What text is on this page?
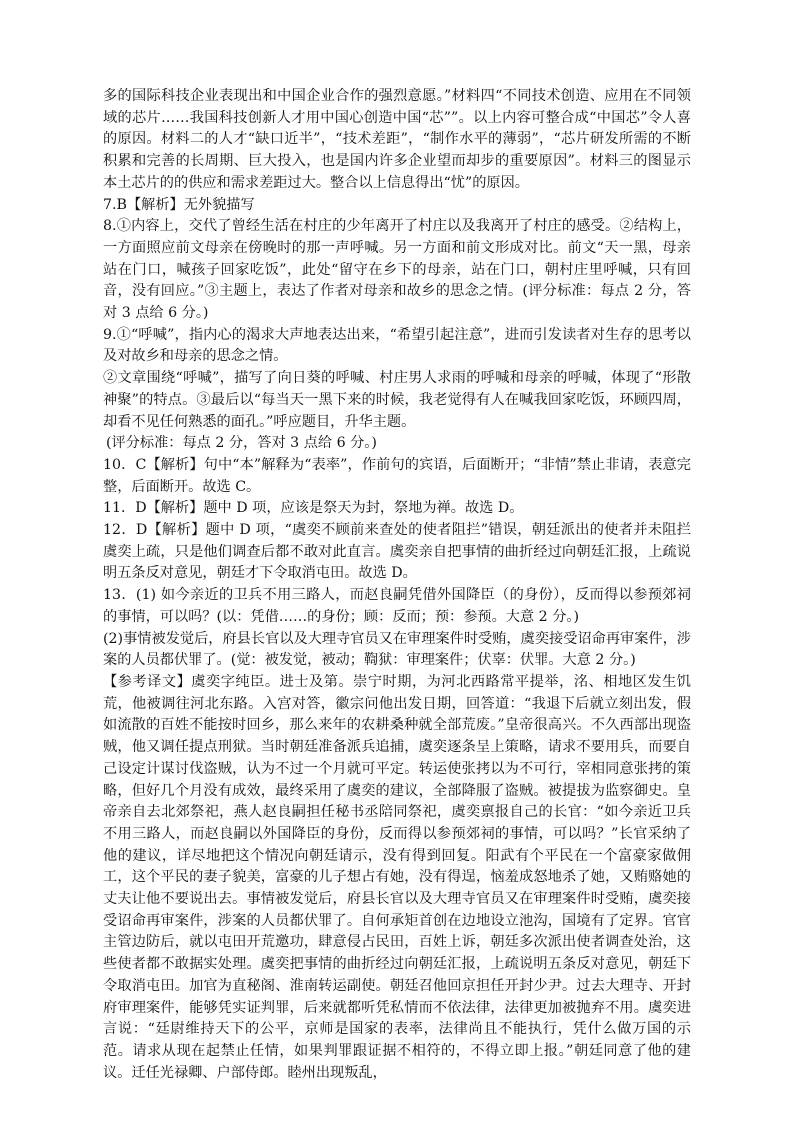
多的国际科技企业表现出和中国企业合作的强烈意愿。”材料四“不同技术创造、应用在不同领域的芯片……我国科技创新人才用中国心创造中国“芯””。以上内容可整合成“中国芯”令人喜的原因。材料二的人才“缺口近半”，“技术差距”，“制作水平的薄弱”，“芯片研发所需的不断积累和完善的长周期、巨大投入，也是国内许多企业望而却步的重要原因”。材料三的图显示本土芯片的的供应和需求差距过大。整合以上信息得出“忧”的原因。

7.B【解析】无外貌描写

8.①内容上，交代了曾经生活在村庄的少年离开了村庄以及我离开了村庄的感受。②结构上，一方面照应前文母亲在傍晚时的那一声呼喊。另一方面和前文形成对比。前文“天一黑，母亲站在门口，喊孩子回家吃饭”，此处“留守在乡下的母亲，站在门口，朝村庄里呼喊，只有回音，没有回应。”③主题上，表达了作者对母亲和故乡的思念之情。(评分标准：每点 2 分，答对 3 点给 6 分。)

9.①“呼喊”，指内心的渴求大声地表达出来，“希望引起注意”，进而引发读者对生存的思考以及对故乡和母亲的思念之情。

②文章围绕“呼喊”，描写了向日葵的呼喊、村庄男人求雨的呼喊和母亲的呼喊，体现了“形散神聚”的特点。③最后以“每当天一黑下来的时候，我老觉得有人在喊我回家吃饭，环顾四周，却看不见任何熟悉的面孔。”呼应题目，升华主题。

(评分标准：每点 2 分，答对 3 点给 6 分。)

10．C【解析】句中“本”解释为“表率”，作前句的宾语，后面断开；“非情”禁止非请，表意完整，后面断开。故选 C。

11．D【解析】题中 D 项，应该是祭天为封，祭地为禅。故选 D。

12．D【解析】题中 D 项，“虞奕不顾前来查处的使者阻拦”错误，朝廷派出的使者并未阻拦虞奕上疏，只是他们调查后都不敢对此直言。虞奕亲自把事情的曲折经过向朝廷汇报，上疏说明五条反对意见，朝廷才下令取消屯田。故选 D。

13．(1) 如今亲近的卫兵不用三路人，而赵良嗣凭借外国降臣（的身份），反而得以参预郊祠的事情，可以吗？(以：凭借……的身份；顾：反而；预：参预。大意 2 分。)

(2)事情被发觉后，府县长官以及大理寺官员又在审理案件时受贿，虞奕接受诏命再审案件，涉案的人员都伏罪了。(觉：被发觉，被动；鞫狱：审理案件；伏辜：伏罪。大意 2 分。)

【参考译文】虞奕字纯臣。进士及第。崇宁时期，为河北西路常平提举，洺、相地区发生饥荒，他被调往河北东路。入宫对答，徽宗问他出发日期，回答道：“我退下后就立刻出发，假如流散的百姓不能按时回乡，那么来年的农耕桑种就全部荒废。”皇帝很高兴。不久西部出现盗贼，他又调任提点刑狱。当时朝廷准备派兵追捕，虞奕逐条呈上策略，请求不要用兵，而要自己设定计谋讨伐盗贼，认为不过一个月就可平定。转运使张拷以为不可行，宰相同意张拷的策略，但好几个月没有成效，最终采用了虞奕的建议，全部降服了盗贼。被提拔为监察御史。皇帝亲自去北郊祭祀，燕人赵良嗣担任秘书丞陪同祭祀，虞奕禀报自己的长官：“如今亲近卫兵不用三路人，而赵良嗣以外国降臣的身份，反而得以参预郊祠的事情，可以吗？”长官采纳了他的建议，详尽地把这个情况向朝廷请示，没有得到回复。阳武有个平民在一个富豪家做佣工，这个平民的妻子貌美，富豪的儿子想占有她，没有得逞，恼羞成怒地杀了她，又贿赂她的丈夫让他不要说出去。事情被发觉后，府县长官以及大理寺官员又在审理案件时受贿，虞奕接受诏命再审案件，涉案的人员都伏罪了。自何承矩首创在边地设立池沟，国境有了定界。官官主管边防后，就以屯田开荒邀功，肆意侵占民田，百姓上诉，朝廷多次派出使者调查处治，这些使者都不敢据实处理。虞奕把事情的曲折经过向朝廷汇报，上疏说明五条反对意见，朝廷下令取消屯田。加官为直秘阁、淮南转运副使。朝廷召他回京担任开封少尹。过去大理寺、开封府审理案件，能够凭实证判罪，后来就都听凭私情而不依法律，法律更加被抛弃不用。虞奕进言说：“廷尉维持天下的公平，京师是国家的表率，法律尚且不能执行，凭什么做万国的示范。请求从现在起禁止任情，如果判罪跟证据不相符的，不得立即上报。”朝廷同意了他的建议。迁任光禄卿、户部侍郎。睦州出现叛乱，
